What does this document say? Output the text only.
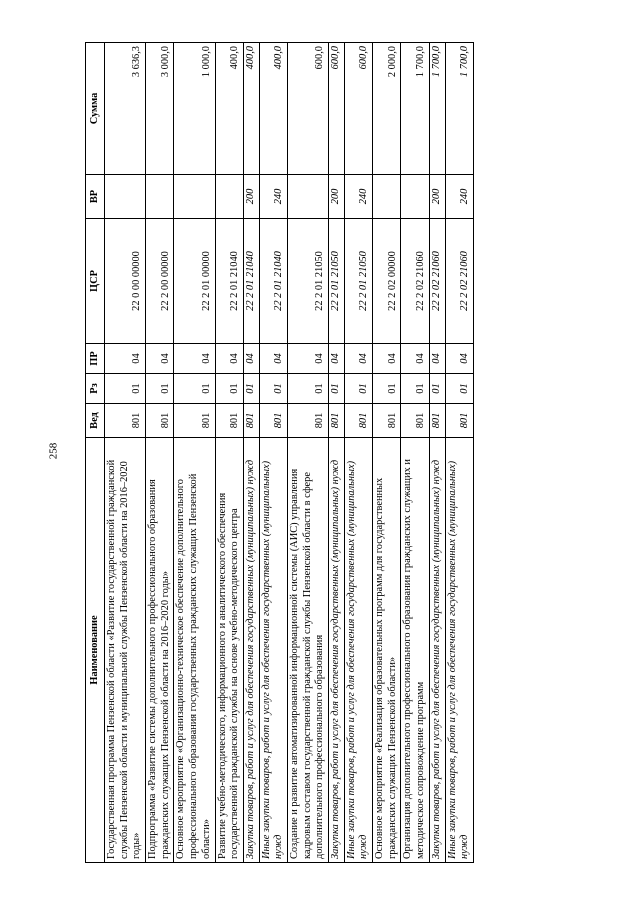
258
Наименование	Вед	Рз	ПР	ЦСР	ВР	Сумма
Государственная программа Пензенской области «Развитие государственной гражданской службы Пензенской области и муниципальной службы Пензенской области на 2016–2020 годы»	801	01	04	22 0 00 00000		3 636,3
Подпрограмма «Развитие системы дополнительного профессионального образования гражданских служащих Пензенской области на 2016–2020 годы»	801	01	04	22 2 00 00000		3 000,0
Основное мероприятие «Организационно-техническое обеспечение дополнительного профессионального образования государственных гражданских служащих Пензенской области»	801	01	04	22 2 01 00000		1 000,0
Развитие учебно-методического, информационного и аналитического обеспечения государственной гражданской службы на основе учебно-методического центра	801	01	04	22 2 01 21040		400,0
Закупка товаров, работ и услуг для обеспечения государственных (муниципальных) нужд	801	01	04	22 2 01 21040	200	400,0
Иные закупки товаров, работ и услуг для обеспечения государственных (муниципальных) нужд	801	01	04	22 2 01 21040	240	400,0
Создание и развитие автоматизированной информационной системы (АИС) управления кадровым составом государственной гражданской службы Пензенской области в сфере дополнительного профессионального образования	801	01	04	22 2 01 21050		600,0
Закупка товаров, работ и услуг для обеспечения государственных (муниципальных) нужд	801	01	04	22 2 01 21050	200	600,0
Иные закупки товаров, работ и услуг для обеспечения государственных (муниципальных) нужд	801	01	04	22 2 01 21050	240	600,0
Основное мероприятие «Реализация образовательных программ для государственных гражданских служащих Пензенской области»	801	01	04	22 2 02 00000		2 000,0
Организация дополнительного профессионального образования гражданских служащих и методическое сопровождение программ	801	01	04	22 2 02 21060		1 700,0
Закупка товаров, работ и услуг для обеспечения государственных (муниципальных) нужд	801	01	04	22 2 02 21060	200	1 700,0
Иные закупки товаров, работ и услуг для обеспечения государственных (муниципальных) нужд	801	01	04	22 2 02 21060	240	1 700,0
